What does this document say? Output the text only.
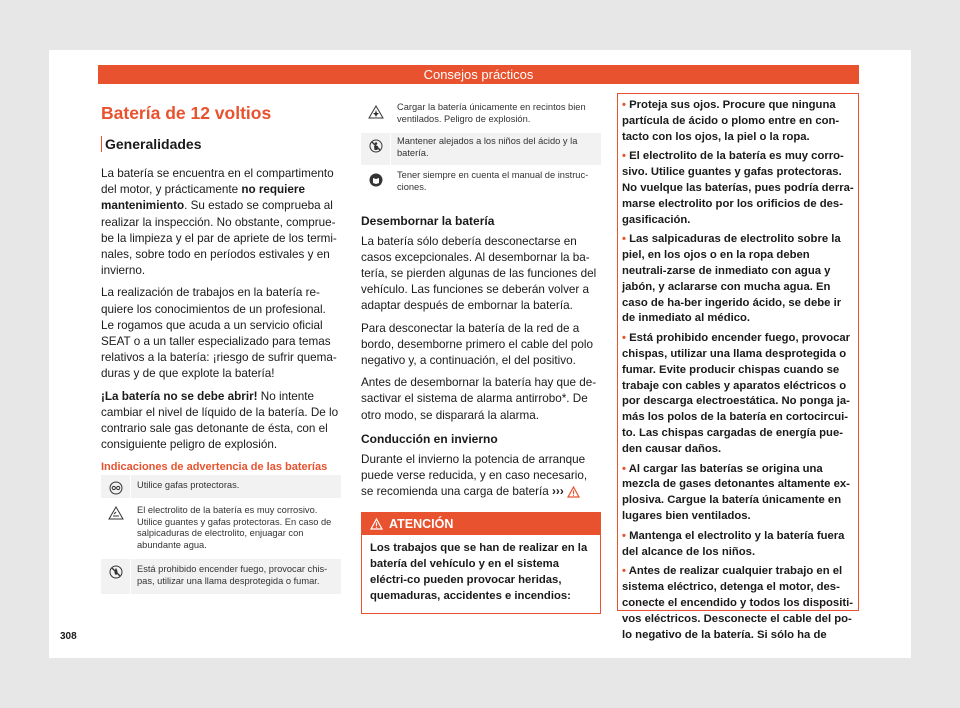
Consejos prácticos
Batería de 12 voltios
Generalidades

La batería se encuentra en el compartimento del motor, y prácticamente no requiere mantenimiento. Su estado se comprueba al realizar la inspección. No obstante, comprue-be la limpieza y el par de apriete de los termi-nales, sobre todo en períodos estivales y en invierno.

La realización de trabajos en la batería re-quiere los conocimientos de un profesional. Le rogamos que acuda a un servicio oficial SEAT o a un taller especializado para temas relativos a la batería: ¡riesgo de sufrir quema-duras y de que explote la batería!

¡La batería no se debe abrir! No intente cambiar el nivel de líquido de la batería. De lo contrario sale gas detonante de ésta, con el consiguiente peligro de explosión.

Indicaciones de advertencia de las baterías
Utilice gafas protectoras.
El electrolito de la batería es muy corrosivo. Utilice guantes y gafas protectoras. En caso de salpicaduras de electrolito, enjuagar con abundante agua.
Está prohibido encender fuego, provocar chis-pas, utilizar una llama desprotegida o fumar.
Cargar la batería únicamente en recintos bien ventilados. Peligro de explosión.
Mantener alejados a los niños del ácido y la batería.
Tener siempre en cuenta el manual de instruc-ciones.
Desembornar la batería

La batería sólo debería desconectarse en casos excepcionales. Al desembornar la ba-tería, se pierden algunas de las funciones del vehículo. Las funciones se deberán volver a adaptar después de embornar la batería.

Para desconectar la batería de la red de a bordo, desemborne primero el cable del polo negativo y, a continuación, el del positivo.

Antes de desembornar la batería hay que de-sactivar el sistema de alarma antirrobo*. De otro modo, se disparará la alarma.

Conducción en invierno

Durante el invierno la potencia de arranque puede verse reducida, y en caso necesario, se recomienda una carga de batería ›››

ATENCIÓN
Los trabajos que se han de realizar en la batería del vehículo y en el sistema eléctri-co pueden provocar heridas, quemaduras, accidentes e incendios:
• Proteja sus ojos. Procure que ninguna partícula de ácido o plomo entre en con-tacto con los ojos, la piel o la ropa.
• El electrolito de la batería es muy corro-sivo. Utilice guantes y gafas protectoras. No vuelque las baterías, pues podría derra-marse electrolito por los orificios de des-gasificación.
• Las salpicaduras de electrolito sobre la piel, en los ojos o en la ropa deben neutrali-zarse de inmediato con agua y jabón, y aclararse con mucha agua. En caso de ha-ber ingerido ácido, se debe ir de inmediato al médico.
• Está prohibido encender fuego, provocar chispas, utilizar una llama desprotegida o fumar. Evite producir chispas cuando se trabaje con cables y aparatos eléctricos o por descarga electroestática. No ponga ja-más los polos de la batería en cortocircui-to. Las chispas cargadas de energía pue-den causar daños.
• Al cargar las baterías se origina una mezcla de gases detonantes altamente ex-plosiva. Cargue la batería únicamente en lugares bien ventilados.
• Mantenga el electrolito y la batería fuera del alcance de los niños.
• Antes de realizar cualquier trabajo en el sistema eléctrico, detenga el motor, des-conecte el encendido y todos los dispositi-vos eléctricos. Desconecte el cable del po-lo negativo de la batería. Si sólo ha de
308
